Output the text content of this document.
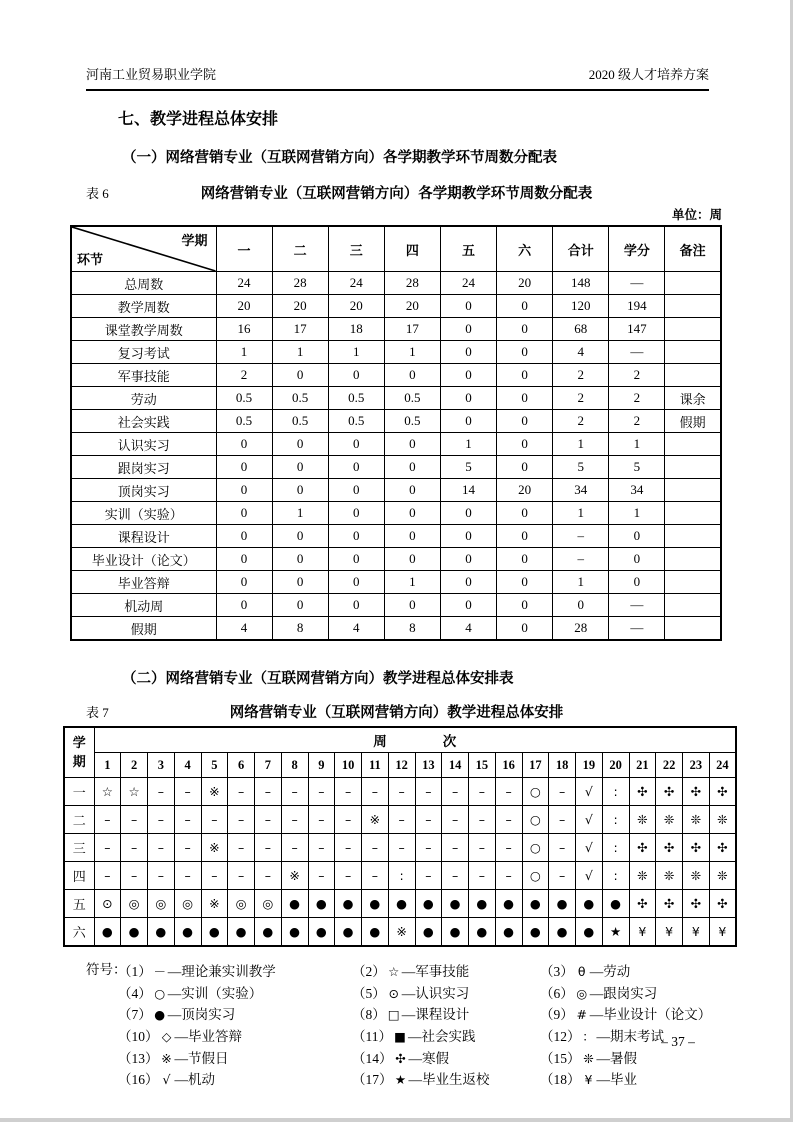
河南工业贸易职业学院	2020 级人才培养方案
七、教学进程总体安排
（一）网络营销专业（互联网营销方向）各学期教学环节周数分配表
表 6	网络营销专业（互联网营销方向）各学期教学环节周数分配表
单位：周
学期
环节	一	二	三	四	五	六	合计	学分	备注
总周数	24	28	24	28	24	20	148	—	
教学周数	20	20	20	20	0	0	120	194	
课堂教学周数	16	17	18	17	0	0	68	147	
复习考试	1	1	1	1	0	0	4	—	
军事技能	2	0	0	0	0	0	2	2	
劳动	0.5	0.5	0.5	0.5	0	0	2	2	课余
社会实践	0.5	0.5	0.5	0.5	0	0	2	2	假期
认识实习	0	0	0	0	1	0	1	1	
跟岗实习	0	0	0	0	5	0	5	5	
顶岗实习	0	0	0	0	14	20	34	34	
实训（实验）	0	1	0	0	0	0	1	1	
课程设计	0	0	0	0	0	0	–	0	
毕业设计（论文）	0	0	0	0	0	0	–	0	
毕业答辩	0	0	0	1	0	0	1	0	
机动周	0	0	0	0	0	0	0	—	
假期	4	8	4	8	4	0	28	—	
（二）网络营销专业（互联网营销方向）教学进程总体安排表
表 7	网络营销专业（互联网营销方向）教学进程总体安排
学期	周 次																							
	1	2	3	4	5	6	7	8	9	10	11	12	13	14	15	16	17	18	19	20	21	22	23	24
一	☆	☆	–	–	※	–	–	–	–	–	–	–	–	–	–	–	○	–	√	:	✣	✣	✣	✣
二	–	–	–	–	–	–	–	–	–	–	※	–	–	–	–	–	○	–	√	:	❊	❊	❊	❊
三	–	–	–	–	※	–	–	–	–	–	–	–	–	–	–	–	○	–	√	:	✣	✣	✣	✣
四	–	–	–	–	–	–	–	※	–	–	–	:	–	–	–	–	○	–	√	:	❊	❊	❊	❊
五	⊙	◎	◎	◎	※	◎	◎	●	●	●	●	●	●	●	●	●	●	●	●	●	✣	✣	✣	✣
六	●	●	●	●	●	●	●	●	●	●	●	※	●	●	●	●	●	●	●	★	¥	¥	¥	¥
符号：
（1） － —理论兼实训教学	（2） ☆ —军事技能	（3） θ —劳动
（4） ○ —实训（实验）	（5） ⊙ —认识实习	（6） ◎ —跟岗实习
（7） ● —顶岗实习	（8） □ —课程设计	（9） # —毕业设计（论文）
（10） ◇ —毕业答辩	（11） ■ —社会实践	（12） ： —期末考试
（13） ※ —节假日	（14） ✣ —寒假	（15） ❊ —暑假
（16） √ —机动	（17） ★ —毕业生返校	（18） ¥ —毕业
– 37 –
